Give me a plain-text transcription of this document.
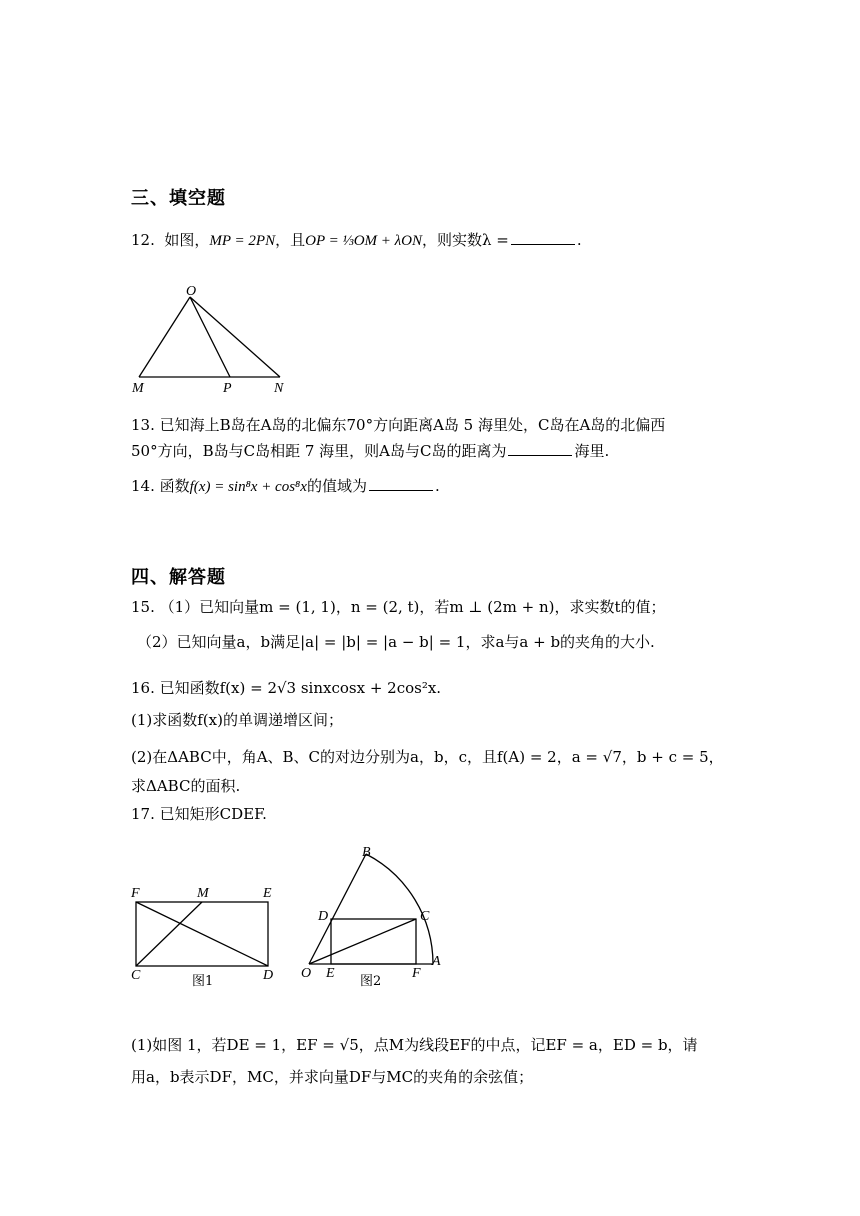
三、填空题
12. 如图，MP = 2PN，且OP = ⅓OM + λON，则实数λ =	.
O
M	P	N
13. 已知海上B岛在A岛的北偏东70°方向距离A岛 5 海里处，C岛在A岛的北偏西
50°方向，B岛与C岛相距 7 海里，则A岛与C岛的距离为	海里.
14. 函数f(x) = sin⁸x + cos⁸x的值域为	.
四、解答题
15. （1）已知向量m = (1, 1)，n = (2, t)，若m ⊥ (2m + n)，求实数t的值；
（2）已知向量a，b满足|a| = |b| = |a − b| = 1，求a与a + b的夹角的大小.
16. 已知函数f(x) = 2√3 sinxcosx + 2cos²x.
(1)求函数f(x)的单调递增区间；
(2)在ΔABC中，角A、B、C的对边分别为a，b，c，且f(A) = 2，a = √7，b + c = 5，
求ΔABC的面积.
17. 已知矩形CDEF.
F	M	E
C	D
图1
B
D	C
O E	F
A
图2
(1)如图 1，若DE = 1，EF = √5，点M为线段EF的中点，记EF = a，ED = b，请
用a，b表示DF，MC，并求向量DF与MC的夹角的余弦值；
